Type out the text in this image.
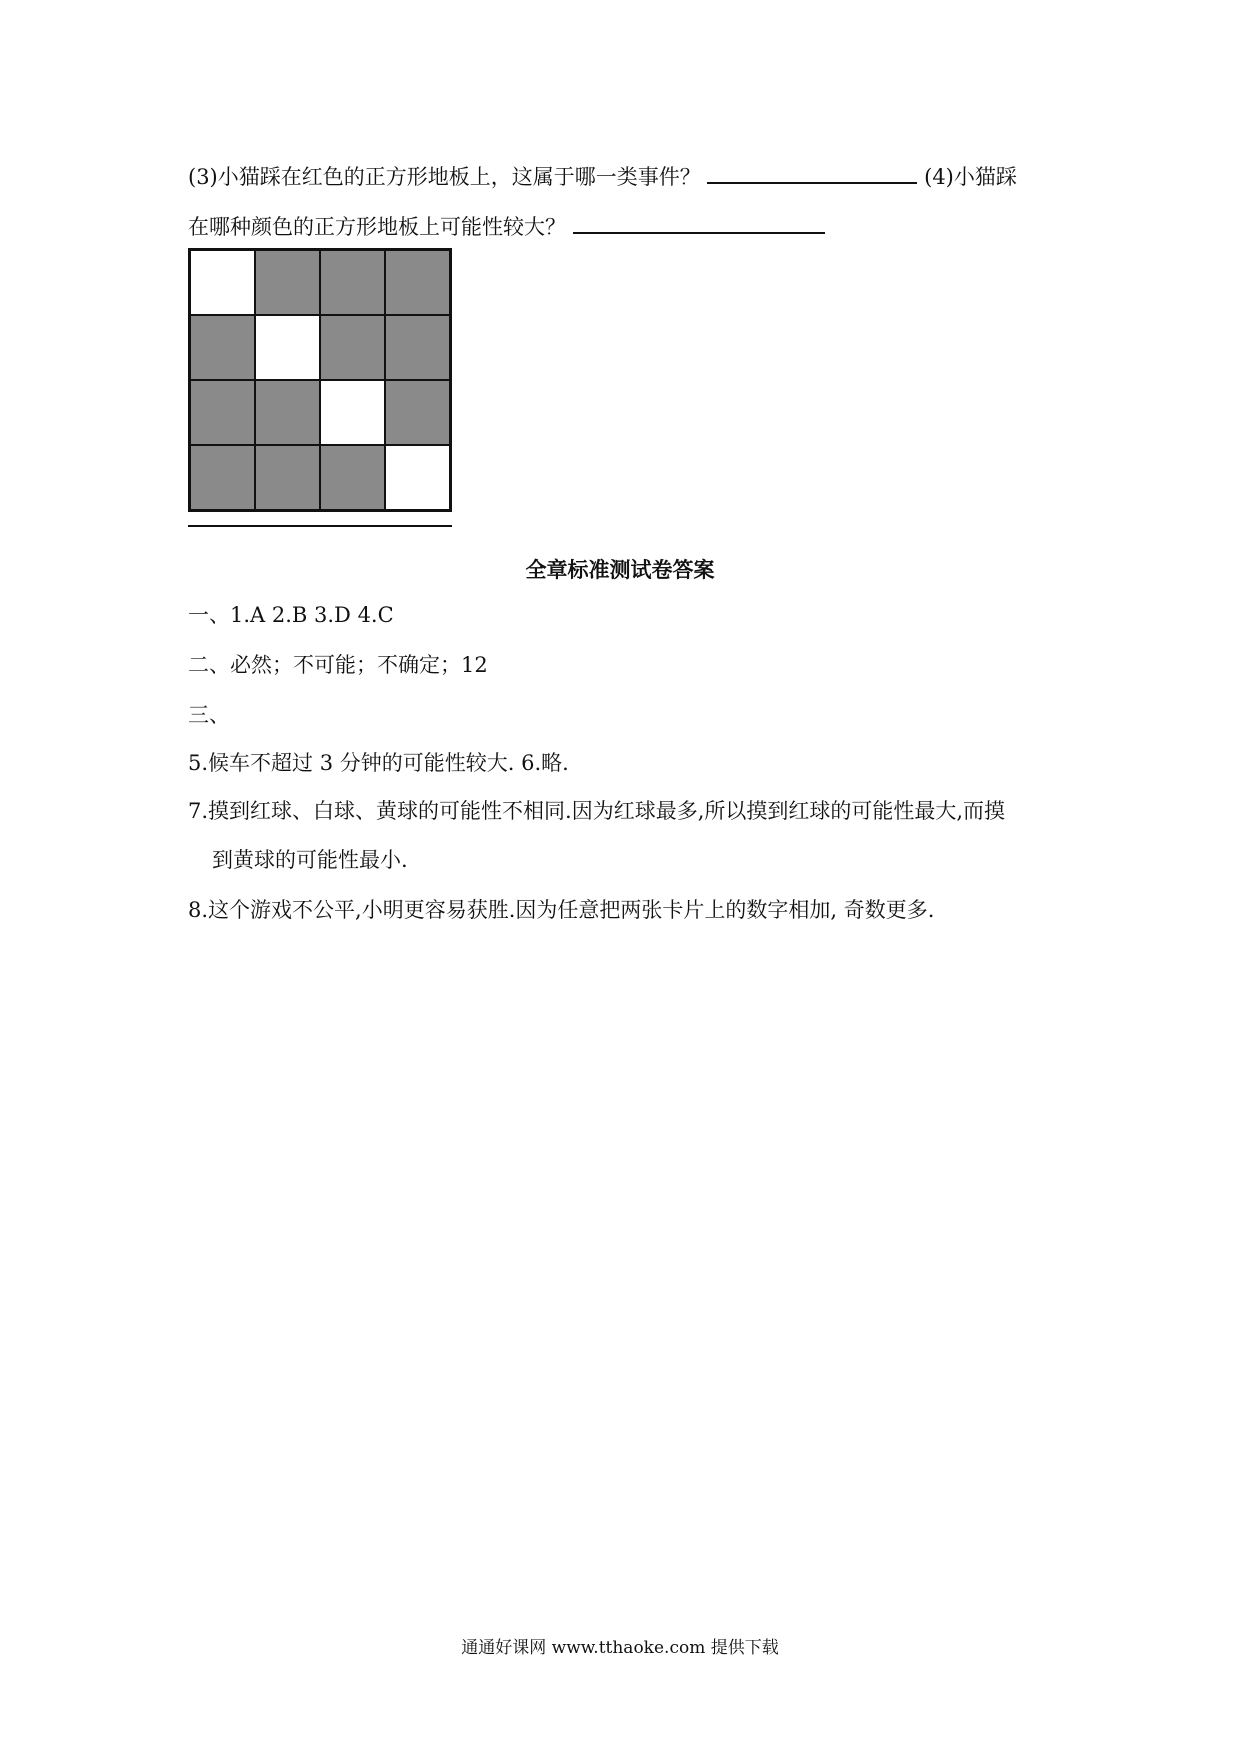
(3)小猫踩在红色的正方形地板上，这属于哪一类事件？	(4)小猫踩
在哪种颜色的正方形地板上可能性较大？
全章标准测试卷答案
一、1.A 2.B 3.D 4.C
二、必然；不可能；不确定；12
三、
5.候车不超过 3 分钟的可能性较大. 6.略.
7.摸到红球、白球、黄球的可能性不相同.因为红球最多,所以摸到红球的可能性最大,而摸
到黄球的可能性最小.
8.这个游戏不公平,小明更容易获胜.因为任意把两张卡片上的数字相加, 奇数更多.
通通好课网 www.tthaoke.com 提供下载
